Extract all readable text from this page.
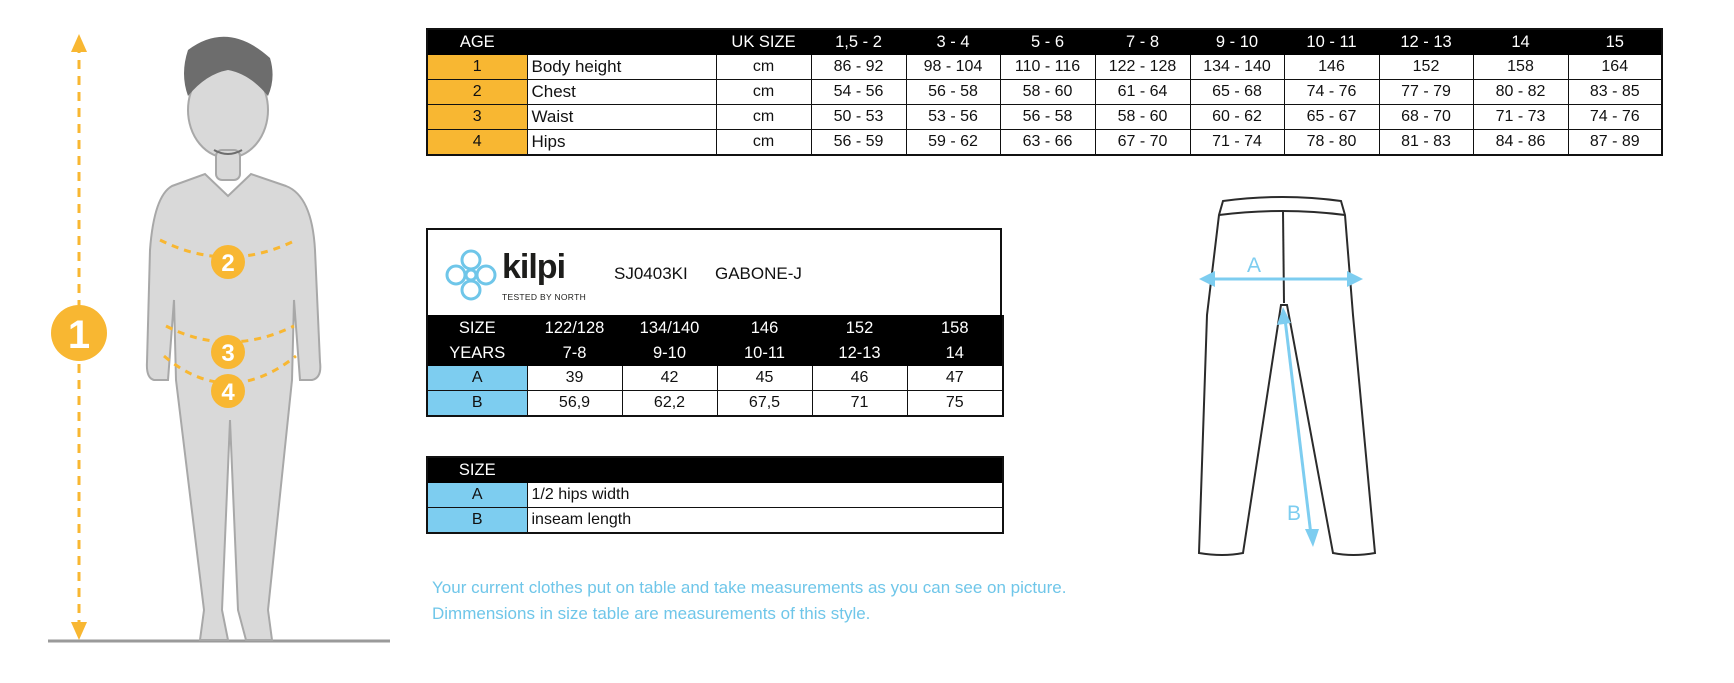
1
2
3
4
AGE		UK SIZE	1,5 - 2	3 - 4	5 - 6	7 - 8	9 - 10	10 - 11	12 - 13	14	15
1	Body height	cm	86 - 92	98 - 104	110 - 116	122 - 128	134 - 140	146	152	158	164
2	Chest	cm	54 - 56	56 - 58	58 - 60	61 - 64	65 - 68	74 - 76	77 - 79	80 - 82	83 - 85
3	Waist	cm	50 - 53	53 - 56	56 - 58	58 - 60	60 - 62	65 - 67	68 - 70	71 - 73	74 - 76
4	Hips	cm	56 - 59	59 - 62	63 - 66	67 - 70	71 - 74	78 - 80	81 - 83	84 - 86	87 - 89
kilpi
TESTED BY NORTH
SJ0403KI GABONE-J
SIZE	122/128	134/140	146	152	158
YEARS	7-8	9-10	10-11	12-13	14
A	39	42	45	46	47
B	56,9	62,2	67,5	71	75
SIZE	
A	1/2 hips width
B	inseam length
Your current clothes put on table and take measurements as you can see on picture.
Dimmensions in size table are measurements of this style.
A
B
